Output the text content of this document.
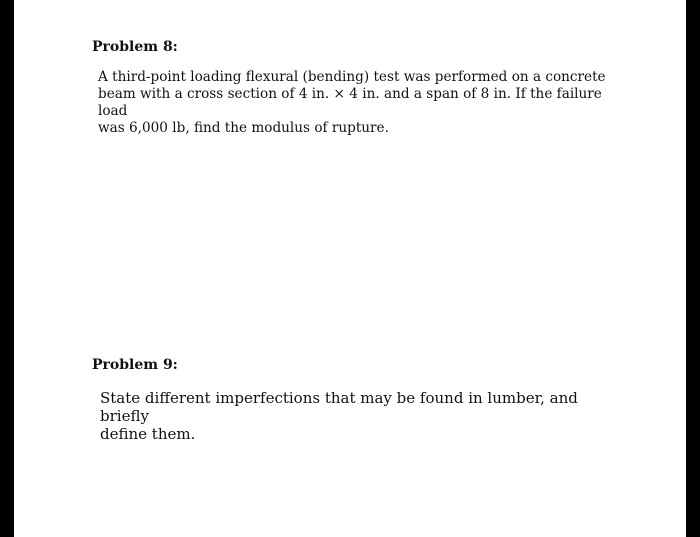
Problem 8:
A third-point loading flexural (bending) test was performed on a concrete
beam with a cross section of 4 in. × 4 in. and a span of 8 in. If the failure load
was 6,000 lb, find the modulus of rupture.
Problem 9:
State different imperfections that may be found in lumber, and briefly
define them.
